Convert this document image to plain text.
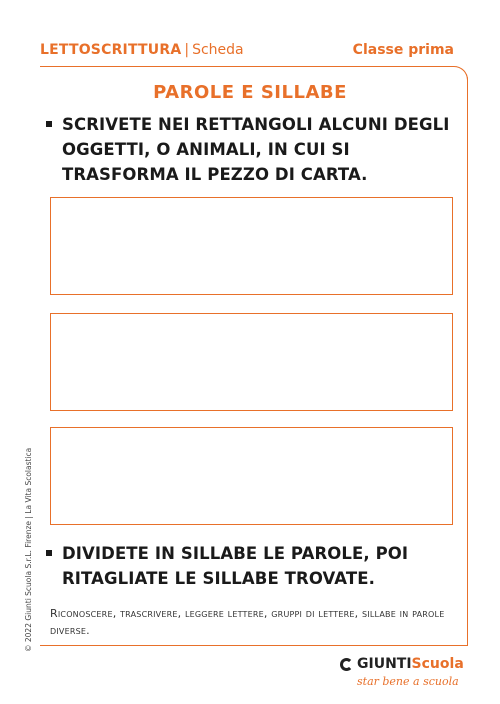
LETTOSCRITTURA | Scheda	Classe prima
PAROLE E SILLABE
SCRIVETE NEI RETTANGOLI ALCUNI DEGLI OGGETTI, O ANIMALI, IN CUI SI TRASFORMA IL PEZZO DI CARTA.
DIVIDETE IN SILLABE LE PAROLE, POI RITAGLIATE LE SILLABE TROVATE.
Riconoscere, trascrivere, leggere lettere, gruppi di lettere, sillabe in parole diverse.
© 2022 Giunti Scuola S.r.L. Firenze | La Vita Scolastica
GIUNTIScuola
star bene a scuola
